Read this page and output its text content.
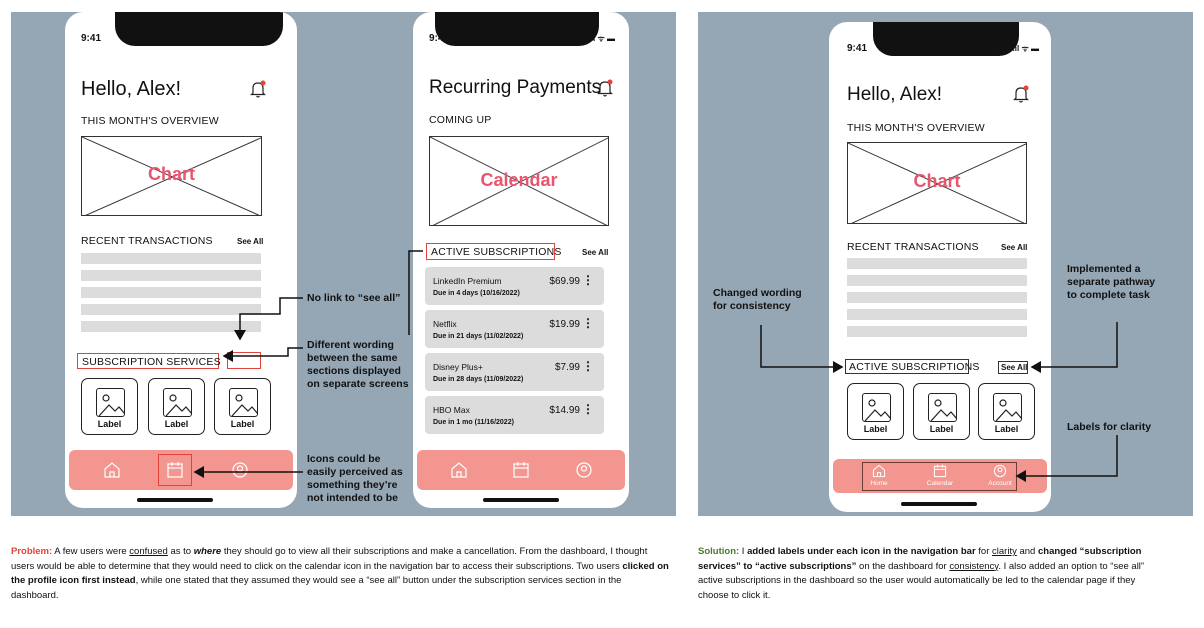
9:41	.ıl ᯤ ▬
Hello, Alex!
THIS MONTH'S OVERVIEW
Chart
RECENT TRANSACTIONS	See All
SUBSCRIPTION SERVICES
Label	Label	Label
9:41	.ıl ᯤ ▬
Recurring Payments
COMING UP
Calendar
ACTIVE SUBSCRIPTIONS	See All
LinkedIn Premium
Due in 4 days (10/16/2022)
$69.99 ⋮
Netflix
Due in 21 days (11/02/2022)
$19.99 ⋮
Disney Plus+
Due in 28 days (11/09/2022)
$7.99 ⋮
HBO Max
Due in 1 mo (11/16/2022)
$14.99 ⋮
No link to “see all”
Different wording
between the same
sections displayed
on separate screens
Icons could be
easily perceived as
something they’re
not intended to be
9:41	.ıl ᯤ ▬
Hello, Alex!
THIS MONTH'S OVERVIEW
Chart
RECENT TRANSACTIONS	See All
ACTIVE SUBSCRIPTIONS	See All
Label	Label	Label
Home	Calendar	Account
Changed wording
for consistency
Implemented a
separate pathway
to complete task
Labels for clarity
Problem: A few users were confused as to where they should go to view all their subscriptions and make a cancellation. From the dashboard, I thought users would be able to determine that they would need to click on the calendar icon in the navigation bar to access their subscriptions. Two users clicked on the profile icon first instead, while one stated that they assumed they would see a “see all” button under the subscription services section in the dashboard.
Solution: I added labels under each icon in the navigation bar for clarity and changed “subscription services” to “active subscriptions” on the dashboard for consistency. I also added an option to “see all” active subscriptions in the dashboard so the user would automatically be led to the calendar page if they choose to click it.
